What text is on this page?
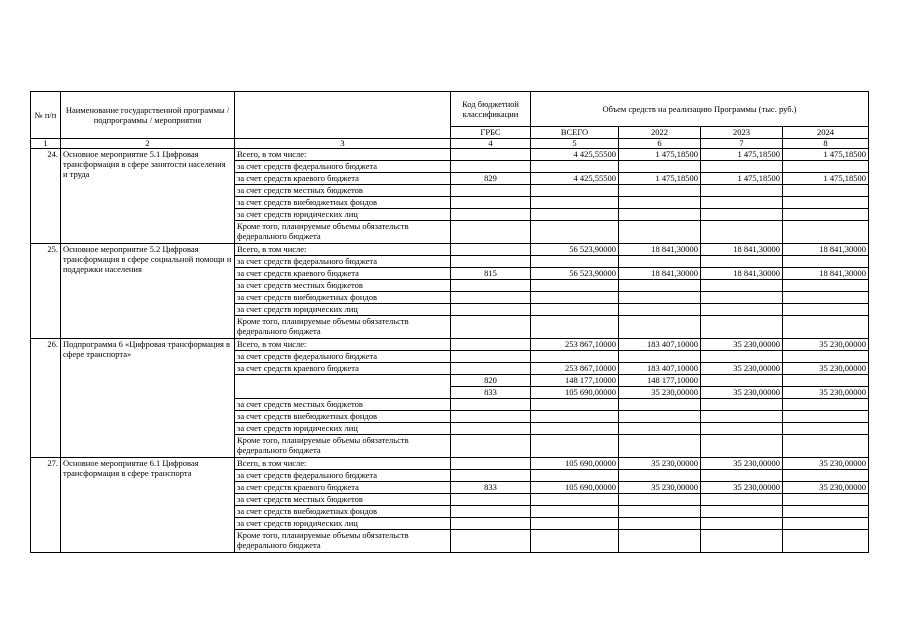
№ п/п	Наименование государственной программы / подпрограммы / мероприятия		Код бюджетной классификации	Объем средств на реализацию Программы (тыс. руб.)			
			ГРБС	ВСЕГО	2022	2023	2024
1	2	3	4	5	6	7	8
24.	Основное мероприятие 5.1 Цифровая трансформация в сфере занятости населения и труда	Всего, в том числе:		4 425,55500	1 475,18500	1 475,18500	1 475,18500
		за счет средств федерального бюджета					
		за счет средств краевого бюджета	829	4 425,55500	1 475,18500	1 475,18500	1 475,18500
		за счет средств местных бюджетов					
		за счет средств внебюджетных фондов					
		за счет средств юридических лиц					
		Кроме того, планируемые объемы обязательств федерального бюджета					
25.	Основное мероприятие 5.2 Цифровая трансформация в сфере социальной помощи и поддержки населения	Всего, в том числе:		56 523,90000	18 841,30000	18 841,30000	18 841,30000
		за счет средств федерального бюджета					
		за счет средств краевого бюджета	815	56 523,90000	18 841,30000	18 841,30000	18 841,30000
		за счет средств местных бюджетов					
		за счет средств внебюджетных фондов					
		за счет средств юридических лиц					
		Кроме того, планируемые объемы обязательств федерального бюджета					
26.	Подпрограмма 6 «Цифровая трансформация в сфере транспорта»	Всего, в том числе:		253 867,10000	183 407,10000	35 230,00000	35 230,00000
		за счет средств федерального бюджета					
		за счет средств краевого бюджета		253 867,10000	183 407,10000	35 230,00000	35 230,00000
			820	148 177,10000	148 177,10000		
			833	105 690,00000	35 230,00000	35 230,00000	35 230,00000
		за счет средств местных бюджетов					
		за счет средств внебюджетных фондов					
		за счет средств юридических лиц					
		Кроме того, планируемые объемы обязательств федерального бюджета					
27.	Основное мероприятие 6.1 Цифровая трансформация в сфере транспорта	Всего, в том числе:		105 690,00000	35 230,00000	35 230,00000	35 230,00000
		за счет средств федерального бюджета					
		за счет средств краевого бюджета	833	105 690,00000	35 230,00000	35 230,00000	35 230,00000
		за счет средств местных бюджетов					
		за счет средств внебюджетных фондов					
		за счет средств юридических лиц					
		Кроме того, планируемые объемы обязательств федерального бюджета					
